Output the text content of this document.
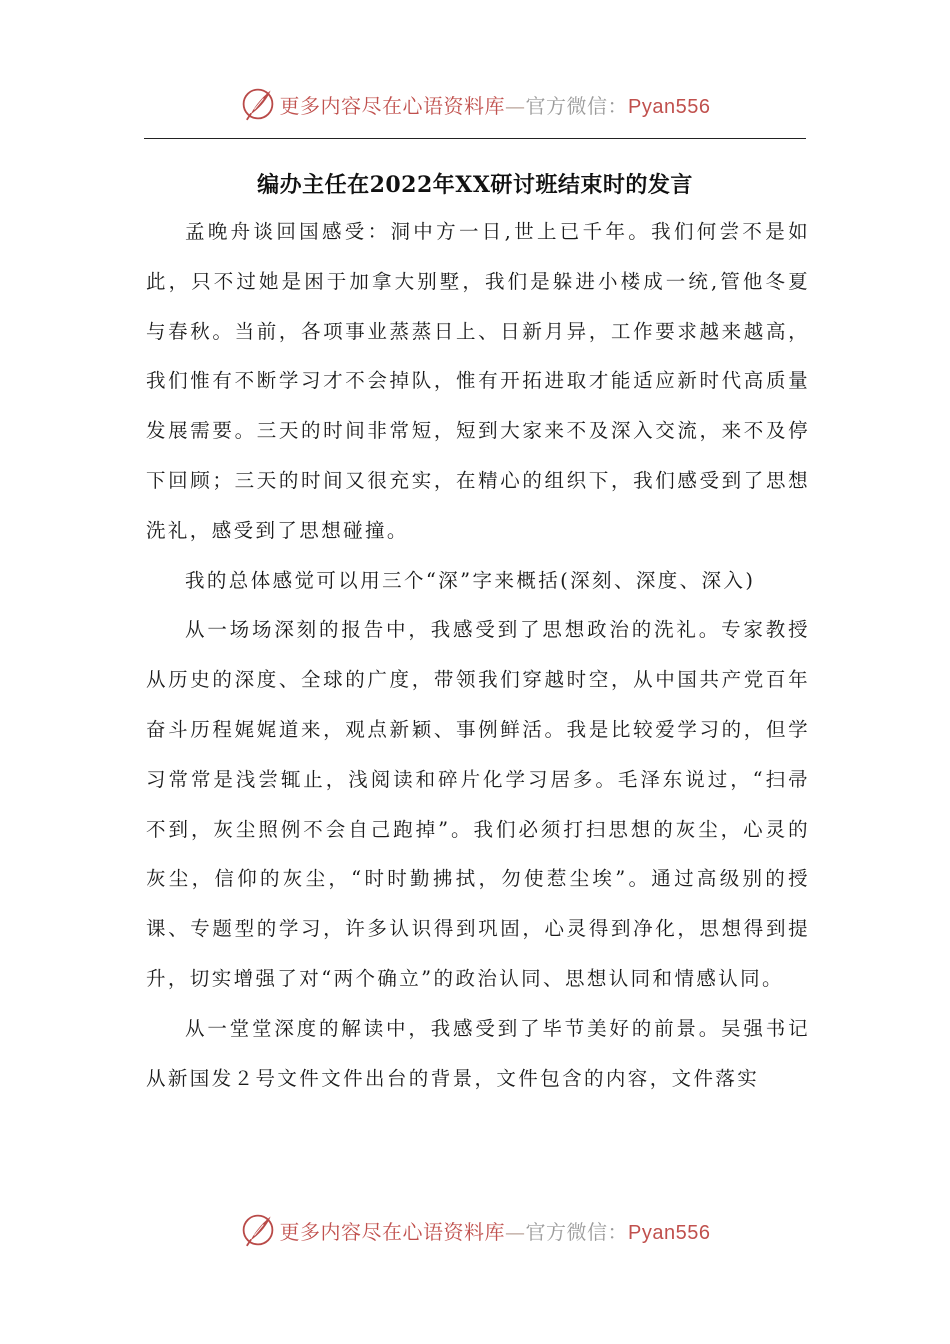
更多内容尽在心语资料库—官方微信：Pyan556
编办主任在2022年XX研讨班结束时的发言

孟晚舟谈回国感受：洞中方一日,世上已千年。我们何尝不是如此，只不过她是困于加拿大别墅，我们是躲进小楼成一统,管他冬夏与春秋。当前，各项事业蒸蒸日上、日新月异，工作要求越来越高，我们惟有不断学习才不会掉队，惟有开拓进取才能适应新时代高质量发展需要。三天的时间非常短，短到大家来不及深入交流，来不及停下回顾；三天的时间又很充实，在精心的组织下，我们感受到了思想洗礼，感受到了思想碰撞。

我的总体感觉可以用三个“深”字来概括(深刻、深度、深入)

从一场场深刻的报告中，我感受到了思想政治的洗礼。专家教授从历史的深度、全球的广度，带领我们穿越时空，从中国共产党百年奋斗历程娓娓道来，观点新颖、事例鲜活。我是比较爱学习的，但学习常常是浅尝辄止，浅阅读和碎片化学习居多。毛泽东说过，“扫帚不到，灰尘照例不会自己跑掉”。我们必须打扫思想的灰尘，心灵的灰尘，信仰的灰尘，“时时勤拂拭，勿使惹尘埃”。通过高级别的授课、专题型的学习，许多认识得到巩固，心灵得到净化，思想得到提升，切实增强了对“两个确立”的政治认同、思想认同和情感认同。

从一堂堂深度的解读中，我感受到了毕节美好的前景。吴强书记从新国发２号文件文件出台的背景，文件包含的内容，文件落实

更多内容尽在心语资料库—官方微信：Pyan556
